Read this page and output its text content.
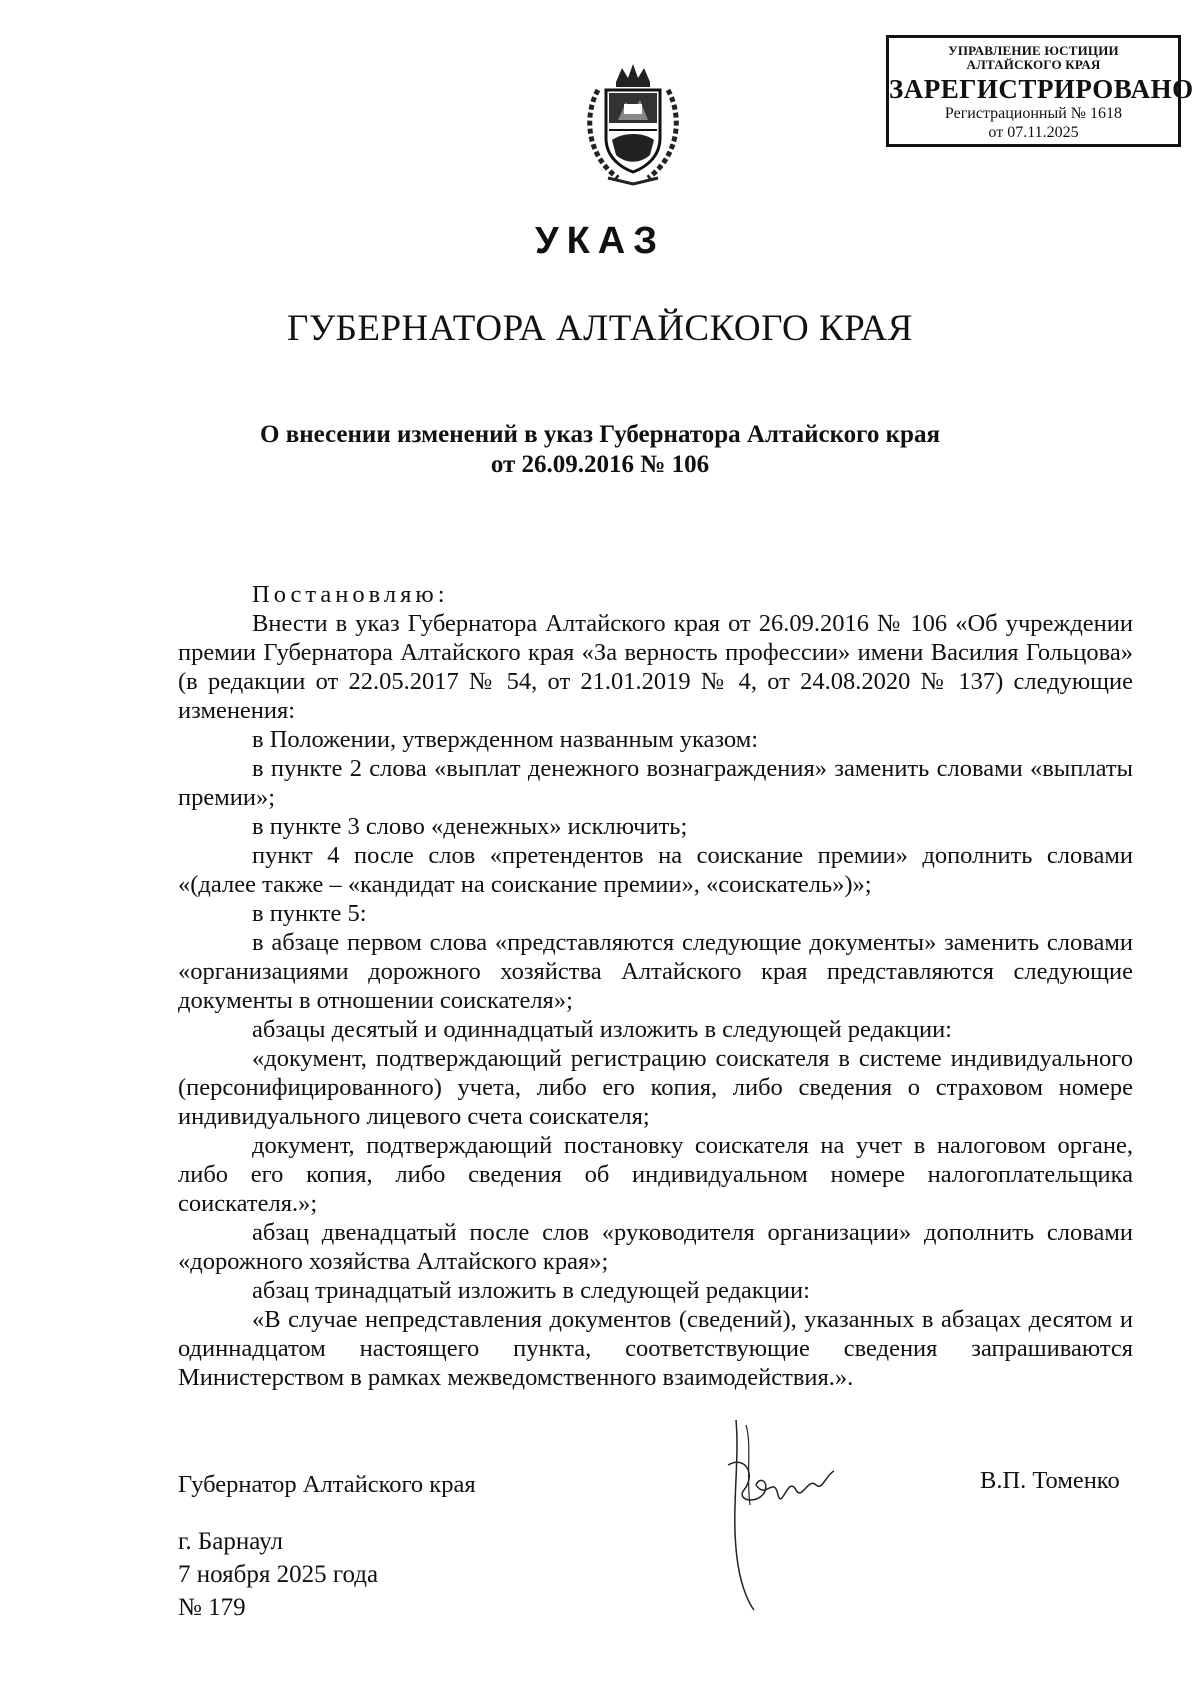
УПРАВЛЕНИЕ ЮСТИЦИИ
АЛТАЙСКОГО КРАЯ
ЗАРЕГИСТРИРОВАНО
Регистрационный № 1618
от 07.11.2025
УКАЗ
ГУБЕРНАТОРА АЛТАЙСКОГО КРАЯ
О внесении изменений в указ Губернатора Алтайского края
от 26.09.2016 № 106

Постановляю:

Внести в указ Губернатора Алтайского края от 26.09.2016 № 106 «Об учреждении премии Губернатора Алтайского края «За верность профессии» имени Василия Гольцова» (в редакции от 22.05.2017 № 54, от 21.01.2019 № 4, от 24.08.2020 № 137) следующие изменения:

в Положении, утвержденном названным указом:

в пункте 2 слова «выплат денежного вознаграждения» заменить словами «выплаты премии»;

в пункте 3 слово «денежных» исключить;

пункт 4 после слов «претендентов на соискание премии» дополнить словами «(далее также – «кандидат на соискание премии», «соискатель»)»;

в пункте 5:

в абзаце первом слова «представляются следующие документы» заменить словами «организациями дорожного хозяйства Алтайского края представляются следующие документы в отношении соискателя»;

абзацы десятый и одиннадцатый изложить в следующей редакции:

«документ, подтверждающий регистрацию соискателя в системе индивидуального (персонифицированного) учета, либо его копия, либо сведения о страховом номере индивидуального лицевого счета соискателя;

документ, подтверждающий постановку соискателя на учет в налоговом органе, либо его копия, либо сведения об индивидуальном номере налогоплательщика соискателя.»;

абзац двенадцатый после слов «руководителя организации» дополнить словами «дорожного хозяйства Алтайского края»;

абзац тринадцатый изложить в следующей редакции:

«В случае непредставления документов (сведений), указанных в абзацах десятом и одиннадцатом настоящего пункта, соответствующие сведения запрашиваются Министерством в рамках межведомственного взаимодействия.».

Губернатор Алтайского края	В.П. Томенко
г. Барнаул
7 ноября 2025 года
№ 179
